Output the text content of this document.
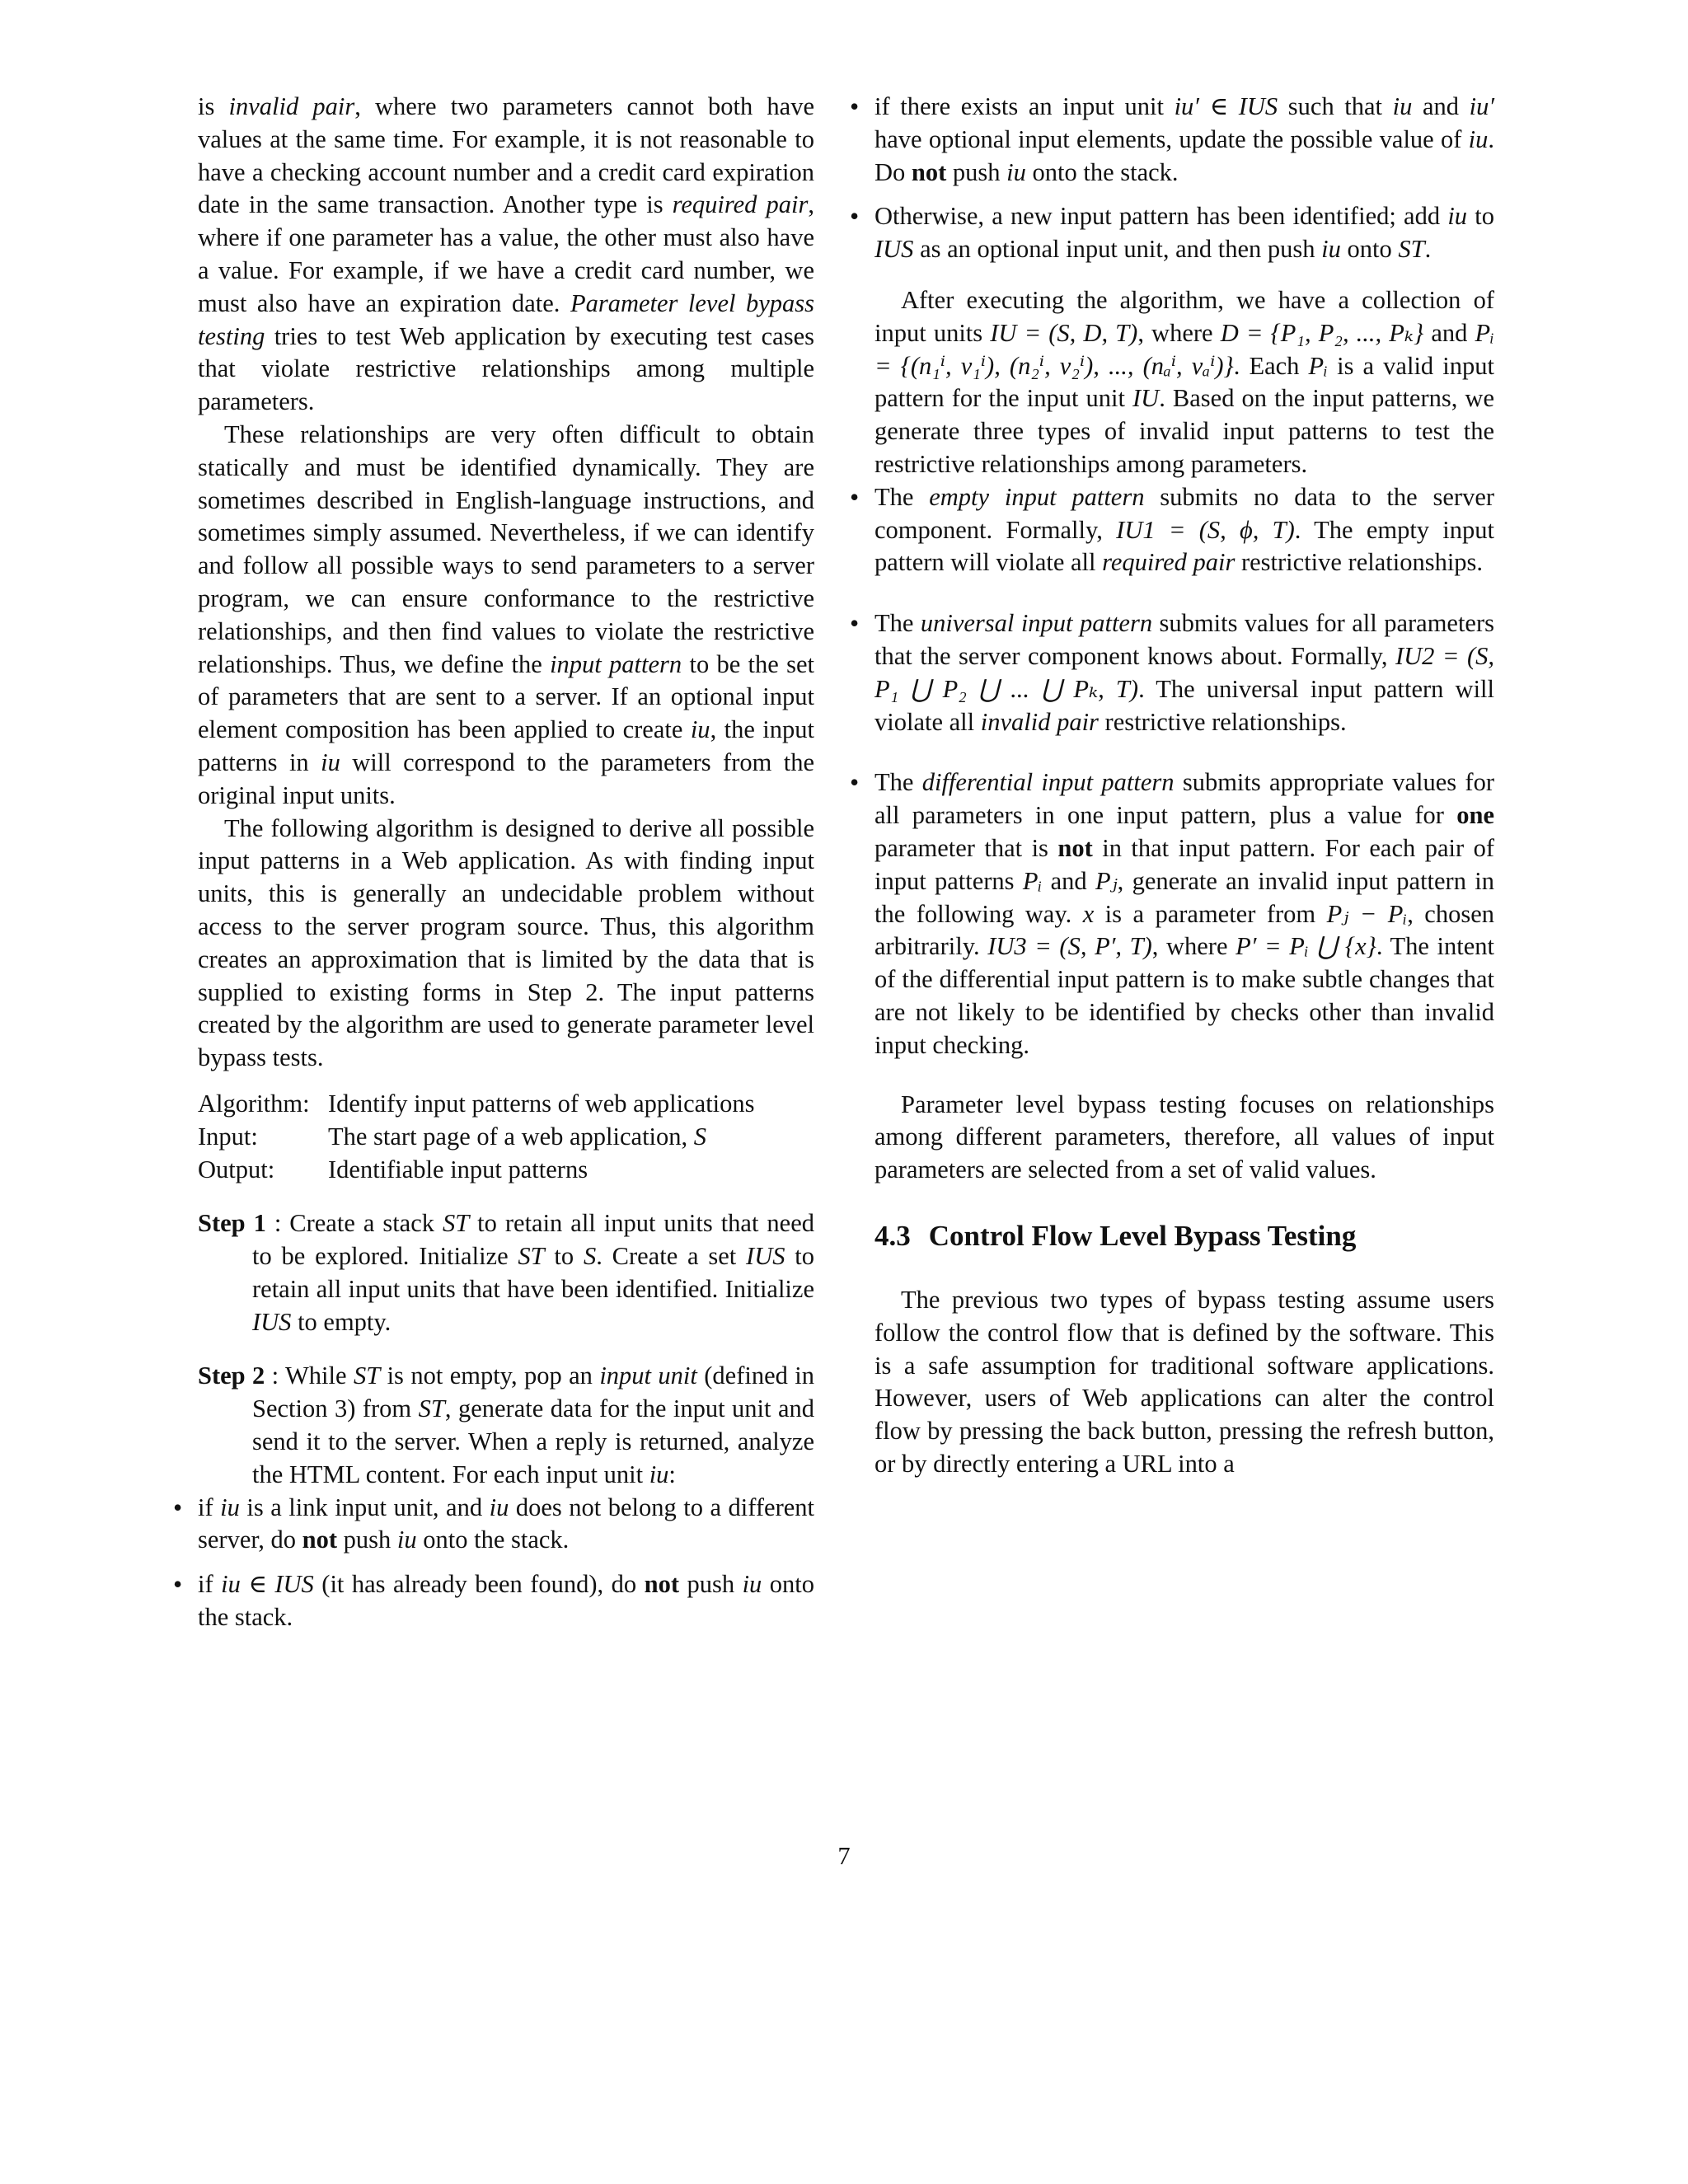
is invalid pair, where two parameters cannot both have values at the same time. For example, it is not reasonable to have a checking account number and a credit card expiration date in the same transaction. Another type is required pair, where if one parameter has a value, the other must also have a value. For example, if we have a credit card number, we must also have an expiration date. Parameter level bypass testing tries to test Web application by executing test cases that violate restrictive relationships among multiple parameters.

These relationships are very often difficult to obtain statically and must be identified dynamically. They are sometimes described in English-language instructions, and sometimes simply assumed. Nevertheless, if we can identify and follow all possible ways to send parameters to a server program, we can ensure conformance to the restrictive relationships, and then find values to violate the restrictive relationships. Thus, we define the input pattern to be the set of parameters that are sent to a server. If an optional input element composition has been applied to create iu, the input patterns in iu will correspond to the parameters from the original input units.

The following algorithm is designed to derive all possible input patterns in a Web application. As with finding input units, this is generally an undecidable problem without access to the server program source. Thus, this algorithm creates an approximation that is limited by the data that is supplied to existing forms in Step 2. The input patterns created by the algorithm are used to generate parameter level bypass tests.

Algorithm: Identify input patterns of web applications
Input:	The start page of a web application, S
Output:	Identifiable input patterns
Step 1 : Create a stack ST to retain all input units that need to be explored. Initialize ST to S. Create a set IUS to retain all input units that have been identified. Initialize IUS to empty.
Step 2 : While ST is not empty, pop an input unit (defined in Section 3) from ST, generate data for the input unit and send it to the server. When a reply is returned, analyze the HTML content. For each input unit iu:
• if iu is a link input unit, and iu does not belong to a different server, do not push iu onto the stack.
• if iu ∈ IUS (it has already been found), do not push iu onto the stack.
• if there exists an input unit iu′ ∈ IUS such that iu and iu′ have optional input elements, update the possible value of iu. Do not push iu onto the stack.
• Otherwise, a new input pattern has been identified; add iu to IUS as an optional input unit, and then push iu onto ST.

After executing the algorithm, we have a collection of input units IU = (S, D, T), where D = {P₁, P₂, ..., Pₖ} and Pᵢ = {(n₁ⁱ, v₁ⁱ), (n₂ⁱ, v₂ⁱ), ..., (nₐⁱ, vₐⁱ)}. Each Pᵢ is a valid input pattern for the input unit IU. Based on the input patterns, we generate three types of invalid input patterns to test the restrictive relationships among parameters.

• The empty input pattern submits no data to the server component. Formally, IU1 = (S, ϕ, T). The empty input pattern will violate all required pair restrictive relationships.
• The universal input pattern submits values for all parameters that the server component knows about. Formally, IU2 = (S, P₁ ⋃ P₂ ⋃ ... ⋃ Pₖ, T). The universal input pattern will violate all invalid pair restrictive relationships.
• The differential input pattern submits appropriate values for all parameters in one input pattern, plus a value for one parameter that is not in that input pattern. For each pair of input patterns Pᵢ and Pⱼ, generate an invalid input pattern in the following way. x is a parameter from Pⱼ − Pᵢ, chosen arbitrarily. IU3 = (S, P′, T), where P′ = Pᵢ ⋃ {x}. The intent of the differential input pattern is to make subtle changes that are not likely to be identified by checks other than invalid input checking.

Parameter level bypass testing focuses on relationships among different parameters, therefore, all values of input parameters are selected from a set of valid values.

4.3 Control Flow Level Bypass Testing

The previous two types of bypass testing assume users follow the control flow that is defined by the software. This is a safe assumption for traditional software applications. However, users of Web applications can alter the control flow by pressing the back button, pressing the refresh button, or by directly entering a URL into a

7
